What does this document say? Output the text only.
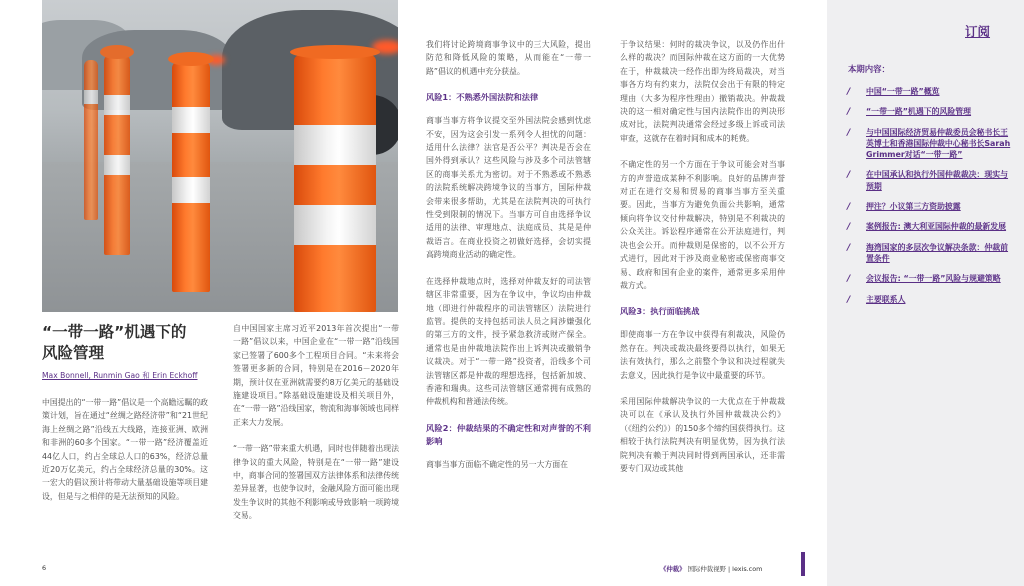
“一带一路”机遇下的
风险管理
Max Bonnell, Runmin Gao 和 Erin Eckhoff

中国提出的“一带一路”倡议是一个高瞻远瞩的政策计划，旨在通过“丝绸之路经济带”和“21世纪海上丝绸之路”沿线五大线路，连接亚洲、欧洲和非洲的60多个国家。“一带一路”经济覆盖近44亿人口，约占全球总人口的63%，经济总量近20万亿美元，约占全球经济总量的30%。这一宏大的倡议预计将带动大量基础设施等项目建设，但是与之相伴的是无法预知的风险。

自中国国家主席习近平2013年首次提出“一带一路”倡议以来，中国企业在“一带一路”沿线国家已签署了600多个工程项目合同。“未来将会签署更多新的合同，特别是在2016－2020年期，预计仅在亚洲就需要约8万亿美元的基础设施建设项目。”除基础设施建设及相关项目外，在“一带一路”沿线国家，物流和海事领域也同样正来大力发展。

“一带一路”带来重大机遇，同时也伴随着出现法律争议的重大风险，特别是在“一带一路”建设中，商事合同的签署国双方法律体系和法律传统差异显著，也使争议时，金融风险方面可能出现发生争议时的其他不利影响或导致影响一项跨境交易。

我们将讨论跨境商事争议中的三大风险，提出防范和降低风险的策略，从而能在“一带一路”倡议的机遇中充分获益。

风险1：不熟悉外国法院和法律

商事当事方将争议提交至外国法院会感到忧虑不安，因为这会引发一系列令人担忧的问题：适用什么法律？法官是否公平？判决是否会在国外得到承认？这些风险与涉及多个司法管辖区的商事关系尤为密切。对于不熟悉或不熟悉的法院系统解决跨境争议的当事方，国际仲裁会带来很多帮助，尤其是在法院判决的可执行性受到限制的情况下。当事方可自由选择争议适用的法律、审理地点、法庭成员、其是是仲裁语言。在商业投资之初做好选择，会切实提高跨境商业活动的确定性。

在选择仲裁地点时，选择对仲裁友好的司法管辖区非常重要，因为在争议中，争议均由仲裁地（即进行仲裁程序的司法管辖区）法院进行监管。提供的支持包括司法人员之间涉嫌强化的第三方的文件，授予紧急救济或财产保全。通常也是由仲裁地法院作出上诉判决或撤销争议裁决。对于“一带一路”投资者，沿线多个司法管辖区都是仲裁的理想选择，包括新加坡、香港和瑞典。这些司法管辖区通常拥有成熟的仲裁机构和普通法传统。

风险2：仲裁结果的不确定性和对声誉的不利影响

商事当事方面临不确定性的另一大方面在

于争议结果：何时的裁决争议，以及仍作出什么样的裁决？而国际仲裁在这方面的一大优势在于，仲裁裁决一经作出即为终局裁决，对当事各方均有约束力，法院仅会出于有限的特定理由（大多为程序性理由）撤销裁决。仲裁裁决的这一相对确定性与国内法院作出的判决形成对比，法院判决通常会经过多级上诉或司法审查，这就存在着时间和成本的耗费。

不确定性的另一个方面在于争议可能会对当事方的声誉造成某种不利影响。良好的品牌声誉对正在进行交易和贸易的商事当事方至关重要。因此，当事方为避免负面公共影响，通常倾向将争议交付仲裁解决，特别是不利裁决的公众关注。诉讼程序通常在公开法庭进行，判决也会公开。而仲裁则是保密的，以不公开方式进行，因此对于涉及商业秘密或保密商事交易、政府和国有企业的案件，通常更多采用仲裁方式。

风险3：执行面临挑战

即使商事一方在争议中获得有利裁决，风险仍然存在。判决或裁决最终要得以执行，如果无法有效执行，那么之前整个争议和决过程就失去意义，因此执行是争议中最重要的环节。

采用国际仲裁解决争议的一大优点在于仲裁裁决可以在《承认及执行外国仲裁裁决公约》（《纽约公约》）的150多个缔约国获得执行。这相较于执行法院判决有明显优势，因为执行法院判决有赖于判决同时得到两国承认，还非需要专门双边或其他

6	《仲裁》 国际仲裁视野 | lexis.com
订阅
本期内容：
/ 中国“一带一路”概览
/ “一带一路”机遇下的风险管理
/ 与中国国际经济贸易仲裁委员会秘书长王英博士和香港国际仲裁中心秘书长Sarah Grimmer对话“一带一路”
/ 在中国承认和执行外国仲裁裁决：现实与预期
/ 押注？小议第三方资助披露
/ 案例报告: 澳大利亚国际仲裁的最新发展
/ 海湾国家的多层次争议解决条款：仲裁前置条件
/ 会议报告: “一带一路”风险与规避策略
/ 主要联系人
